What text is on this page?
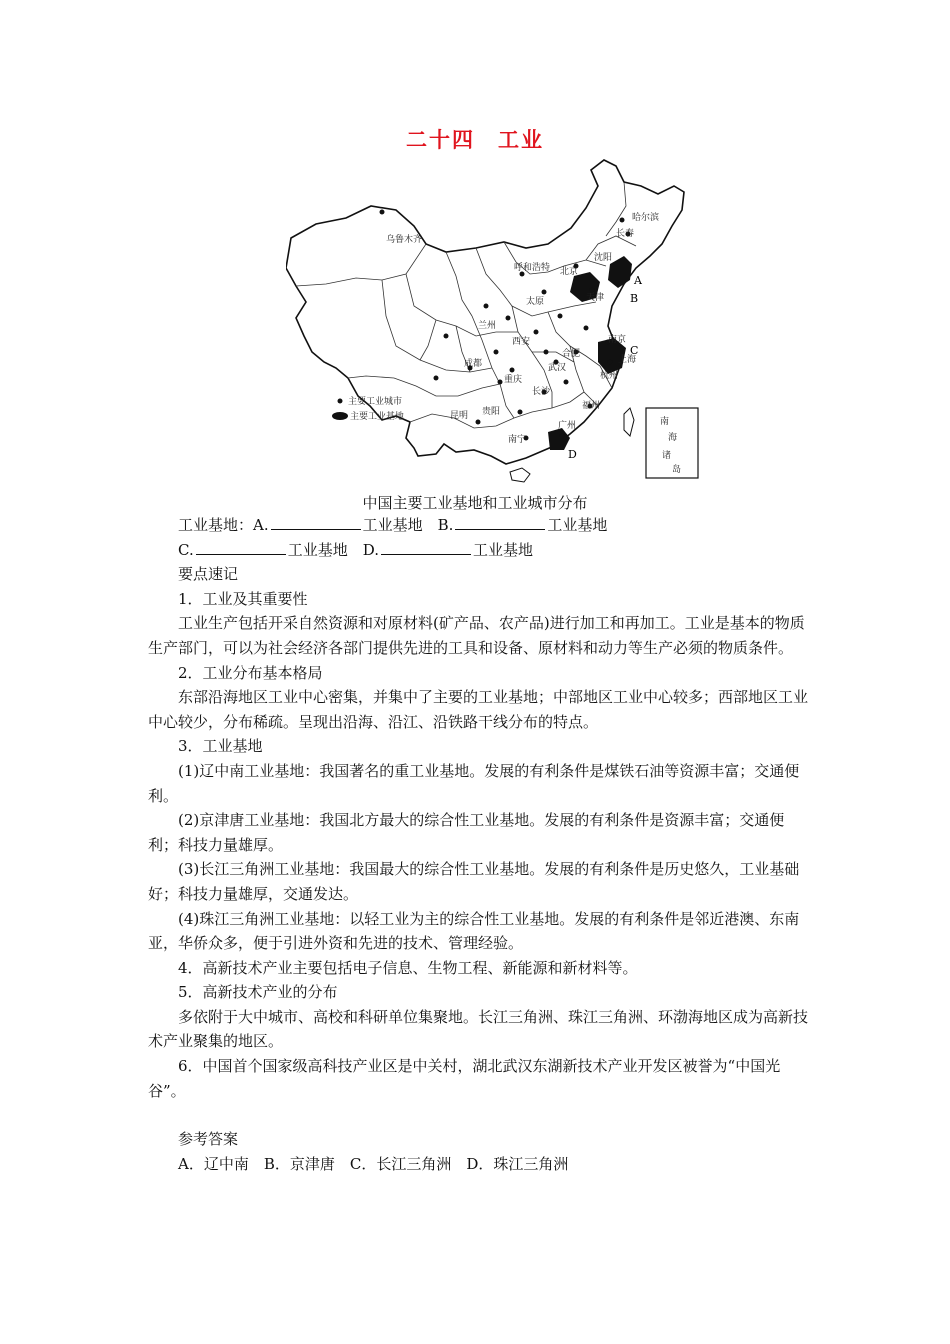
二十四　工业
乌鲁木齐
哈尔滨
长春
沈阳
呼和浩特 北京
天津
太原
兰州
西安
成都
重庆
武汉
合肥
南京
上海
杭州
长沙
贵阳
昆明
南宁
广州
福州
A
B
C
D
主要工业城市
主要工业基地	南
海
诸
岛
中国主要工业基地和工业城市分布

工业基地：A.	工业基地　B.	工业基地

C.	工业基地　D.	工业基地

要点速记

1．工业及其重要性

工业生产包括开采自然资源和对原材料(矿产品、农产品)进行加工和再加工。工业是基本的物质生产部门，可以为社会经济各部门提供先进的工具和设备、原材料和动力等生产必须的物质条件。

2．工业分布基本格局

东部沿海地区工业中心密集，并集中了主要的工业基地；中部地区工业中心较多；西部地区工业中心较少，分布稀疏。呈现出沿海、沿江、沿铁路干线分布的特点。

3．工业基地

(1)辽中南工业基地：我国著名的重工业基地。发展的有利条件是煤铁石油等资源丰富；交通便利。

(2)京津唐工业基地：我国北方最大的综合性工业基地。发展的有利条件是资源丰富；交通便利；科技力量雄厚。

(3)长江三角洲工业基地：我国最大的综合性工业基地。发展的有利条件是历史悠久，工业基础好；科技力量雄厚，交通发达。

(4)珠江三角洲工业基地：以轻工业为主的综合性工业基地。发展的有利条件是邻近港澳、东南亚，华侨众多，便于引进外资和先进的技术、管理经验。

4．高新技术产业主要包括电子信息、生物工程、新能源和新材料等。

5．高新技术产业的分布

多依附于大中城市、高校和科研单位集聚地。长江三角洲、珠江三角洲、环渤海地区成为高新技术产业聚集的地区。

6．中国首个国家级高科技产业区是中关村，湖北武汉东湖新技术产业开发区被誉为“中国光谷”。

参考答案

A．辽中南　B．京津唐　C．长江三角洲　D．珠江三角洲
